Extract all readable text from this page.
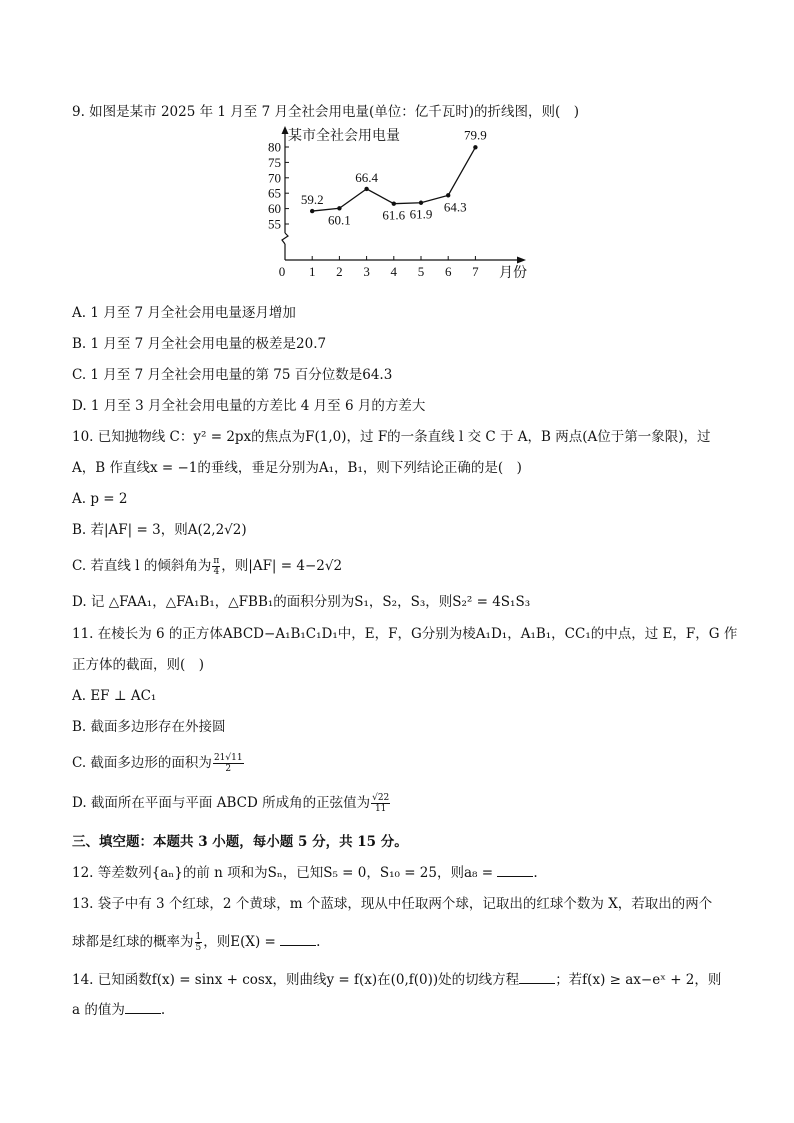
9. 如图是某市 2025 年 1 月至 7 月全社会用电量(单位：亿千瓦时)的折线图，则(　)
某市全社会用电量
55
60
65
70
75
80
0 1 2 3 4 5 6 7 月份
59.2
60.1
66.4
61.6 61.9 64.3
79.9
A. 1 月至 7 月全社会用电量逐月增加
B. 1 月至 7 月全社会用电量的极差是20.7
C. 1 月至 7 月全社会用电量的第 75 百分位数是64.3
D. 1 月至 3 月全社会用电量的方差比 4 月至 6 月的方差大
10. 已知抛物线 C：y² = 2px的焦点为F(1,0)，过 F的一条直线 l 交 C 于 A，B 两点(A位于第一象限)，过
A，B 作直线x = −1的垂线，垂足分别为A₁，B₁，则下列结论正确的是(　)
A. p = 2
B. 若|AF| = 3，则A(2,2√2)
C. 若直线 l 的倾斜角为 $\frac{\pi}{4}$ ，则|AF| = 4−2√2
D. 记 △FAA₁，△FA₁B₁，△FBB₁的面积分别为S₁，S₂，S₃，则S₂² = 4S₁S₃
11. 在棱长为 6 的正方体ABCD−A₁B₁C₁D₁中，E，F，G分别为棱A₁D₁，A₁B₁，CC₁的中点，过 E，F，G 作
正方体的截面，则(　)
A. EF ⊥ AC₁
B. 截面多边形存在外接圆
C. 截面多边形的面积为 $\frac{21√11}{2}$
D. 截面所在平面与平面 ABCD 所成角的正弦值为 $\frac{√22}{11}$
三、填空题：本题共 3 小题，每小题 5 分，共 15 分。
12. 等差数列{aₙ}的前 n 项和为Sₙ，已知S₅ = 0，S₁₀ = 25，则a₈ =	.
13. 袋子中有 3 个红球，2 个黄球，m 个蓝球，现从中任取两个球，记取出的红球个数为 X，若取出的两个
球都是红球的概率为 $\frac{1}{5}$ ，则E(X) =	.
14. 已知函数f(x) = sinx + cosx，则曲线y = f(x)在(0,f(0))处的切线方程	；若f(x) ≥ ax−eˣ + 2，则
a 的值为	.
